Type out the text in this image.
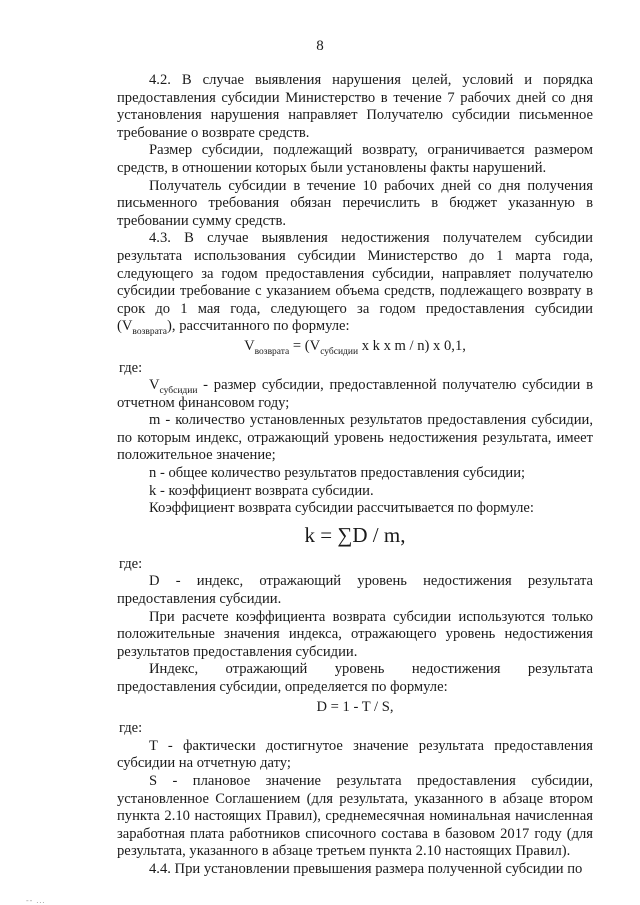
8

4.2. В случае выявления нарушения целей, условий и порядка предоставления субсидии Министерство в течение 7 рабочих дней со дня установления нарушения направляет Получателю субсидии письменное требование о возврате средств.

Размер субсидии, подлежащий возврату, ограничивается размером средств, в отношении которых были установлены факты нарушений.

Получатель субсидии в течение 10 рабочих дней со дня получения письменного требования обязан перечислить в бюджет указанную в требовании сумму средств.

4.3. В случае выявления недостижения получателем субсидии результата использования субсидии Министерство до 1 марта года, следующего за годом предоставления субсидии, направляет получателю субсидии требование с указанием объема средств, подлежащего возврату в срок до 1 мая года, следующего за годом предоставления субсидии $(V_{возврата})$, рассчитанного по формуле:

$V_{возврата} = (V_{субсидии}$ x k x m / n) x 0,1,

где:

$V_{субсидии}$ - размер субсидии, предоставленной получателю субсидии в отчетном финансовом году;

m - количество установленных результатов предоставления субсидии, по которым индекс, отражающий уровень недостижения результата, имеет положительное значение;

n - общее количество результатов предоставления субсидии;

k - коэффициент возврата субсидии.

Коэффициент возврата субсидии рассчитывается по формуле:

k = ∑D / m,

где:

D - индекс, отражающий уровень недостижения результата предоставления субсидии.

При расчете коэффициента возврата субсидии используются только положительные значения индекса, отражающего уровень недостижения результатов предоставления субсидии.

Индекс, отражающий уровень недостижения результата предоставления субсидии, определяется по формуле:

D = 1 - T / S,

где:

T - фактически достигнутое значение результата предоставления субсидии на отчетную дату;

S - плановое значение результата предоставления субсидии, установленное Соглашением (для результата, указанного в абзаце втором пункта 2.10 настоящих Правил), среднемесячная номинальная начисленная заработная плата работников списочного состава в базовом 2017 году (для результата, указанного в абзаце третьем пункта 2.10 настоящих Правил).

4.4. При установлении превышения размера полученной субсидии по

-- ...
